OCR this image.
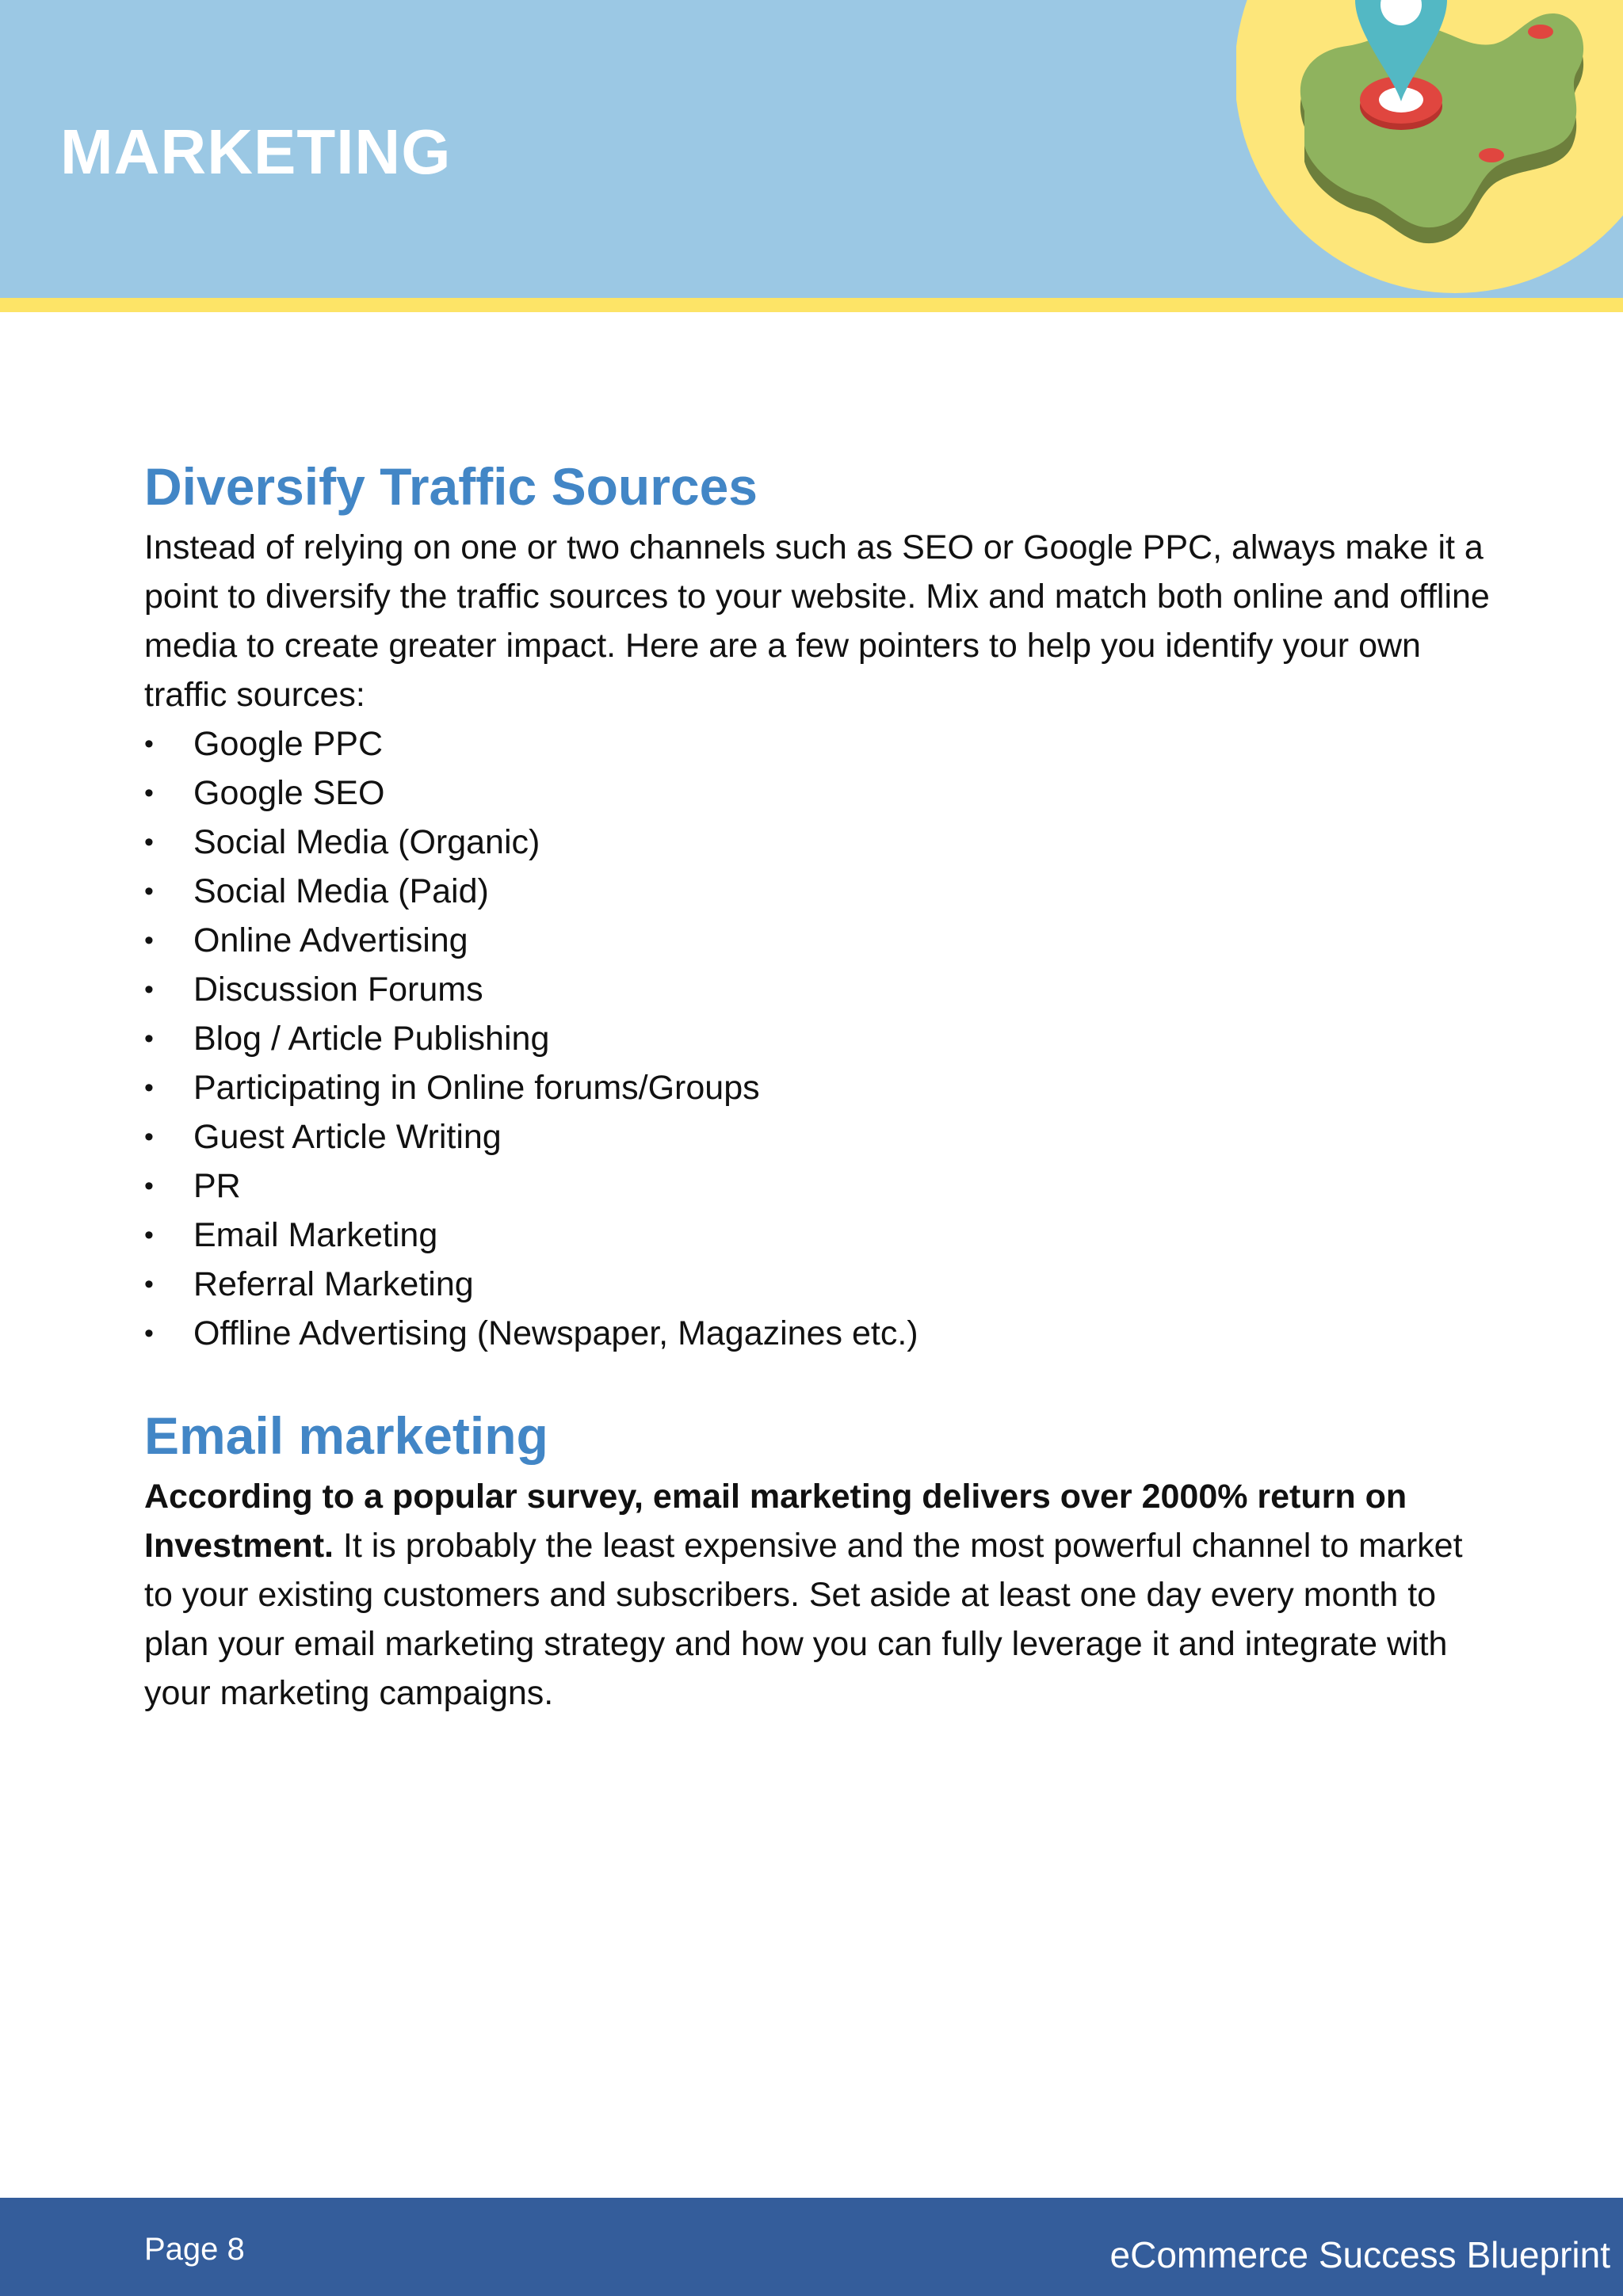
MARKETING
Diversify Traffic Sources

Instead of relying on one or two channels such as SEO or Google PPC, always make it a point to diversify the traffic sources to your website. Mix and match both online and offline media to create greater impact. Here are a few pointers to help you identify your own traffic sources:

• Google PPC
• Google SEO
• Social Media (Organic)
• Social Media (Paid)
• Online Advertising
• Discussion Forums
• Blog / Article Publishing
• Participating in Online forums/Groups
• Guest Article Writing
• PR
• Email Marketing
• Referral Marketing
• Offline Advertising (Newspaper, Magazines etc.)
Email marketing

According to a popular survey, email marketing delivers over 2000% return on Investment. It is probably the least expensive and the most powerful channel to market to your existing customers and subscribers. Set aside at least one day every month to plan your email marketing strategy and how you can fully leverage it and integrate with your marketing campaigns.

Page 8	eCommerce Success Blueprint
